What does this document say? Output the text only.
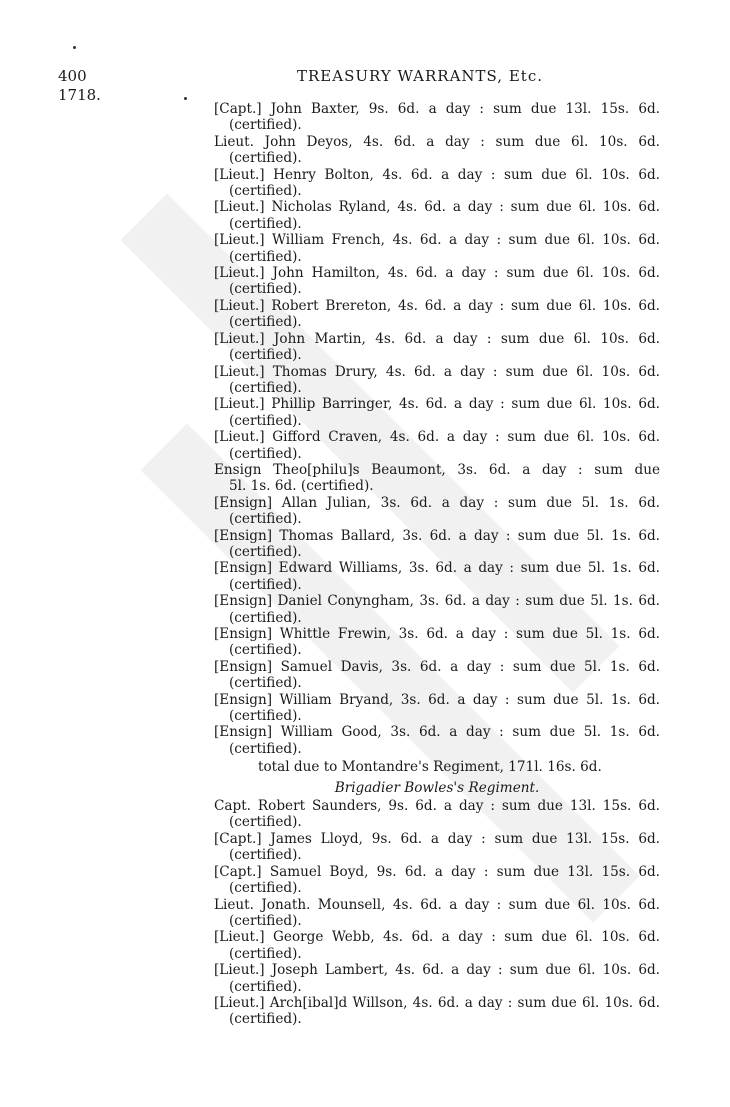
400
1718.
TREASURY WARRANTS, Etc.
[Capt.] John Baxter, 9s. 6d. a day : sum due 13l. 15s. 6d.
(certified).
Lieut. John Deyos, 4s. 6d. a day : sum due 6l. 10s. 6d.
(certified).
[Lieut.] Henry Bolton, 4s. 6d. a day : sum due 6l. 10s. 6d.
(certified).
[Lieut.] Nicholas Ryland, 4s. 6d. a day : sum due 6l. 10s. 6d.
(certified).
[Lieut.] William French, 4s. 6d. a day : sum due 6l. 10s. 6d.
(certified).
[Lieut.] John Hamilton, 4s. 6d. a day : sum due 6l. 10s. 6d.
(certified).
[Lieut.] Robert Brereton, 4s. 6d. a day : sum due 6l. 10s. 6d.
(certified).
[Lieut.] John Martin, 4s. 6d. a day : sum due 6l. 10s. 6d.
(certified).
[Lieut.] Thomas Drury, 4s. 6d. a day : sum due 6l. 10s. 6d.
(certified).
[Lieut.] Phillip Barringer, 4s. 6d. a day : sum due 6l. 10s. 6d.
(certified).
[Lieut.] Gifford Craven, 4s. 6d. a day : sum due 6l. 10s. 6d.
(certified).
Ensign Theo[philu]s Beaumont, 3s. 6d. a day : sum due
5l. 1s. 6d. (certified).
[Ensign] Allan Julian, 3s. 6d. a day : sum due 5l. 1s. 6d.
(certified).
[Ensign] Thomas Ballard, 3s. 6d. a day : sum due 5l. 1s. 6d.
(certified).
[Ensign] Edward Williams, 3s. 6d. a day : sum due 5l. 1s. 6d.
(certified).
[Ensign] Daniel Conyngham, 3s. 6d. a day : sum due 5l. 1s. 6d.
(certified).
[Ensign] Whittle Frewin, 3s. 6d. a day : sum due 5l. 1s. 6d.
(certified).
[Ensign] Samuel Davis, 3s. 6d. a day : sum due 5l. 1s. 6d.
(certified).
[Ensign] William Bryand, 3s. 6d. a day : sum due 5l. 1s. 6d.
(certified).
[Ensign] William Good, 3s. 6d. a day : sum due 5l. 1s. 6d.
(certified).
total due to Montandre's Regiment, 171l. 16s. 6d.
Brigadier Bowles's Regiment.
Capt. Robert Saunders, 9s. 6d. a day : sum due 13l. 15s. 6d.
(certified).
[Capt.] James Lloyd, 9s. 6d. a day : sum due 13l. 15s. 6d.
(certified).
[Capt.] Samuel Boyd, 9s. 6d. a day : sum due 13l. 15s. 6d.
(certified).
Lieut. Jonath. Mounsell, 4s. 6d. a day : sum due 6l. 10s. 6d.
(certified).
[Lieut.] George Webb, 4s. 6d. a day : sum due 6l. 10s. 6d.
(certified).
[Lieut.] Joseph Lambert, 4s. 6d. a day : sum due 6l. 10s. 6d.
(certified).
[Lieut.] Arch[ibal]d Willson, 4s. 6d. a day : sum due 6l. 10s. 6d.
(certified).
